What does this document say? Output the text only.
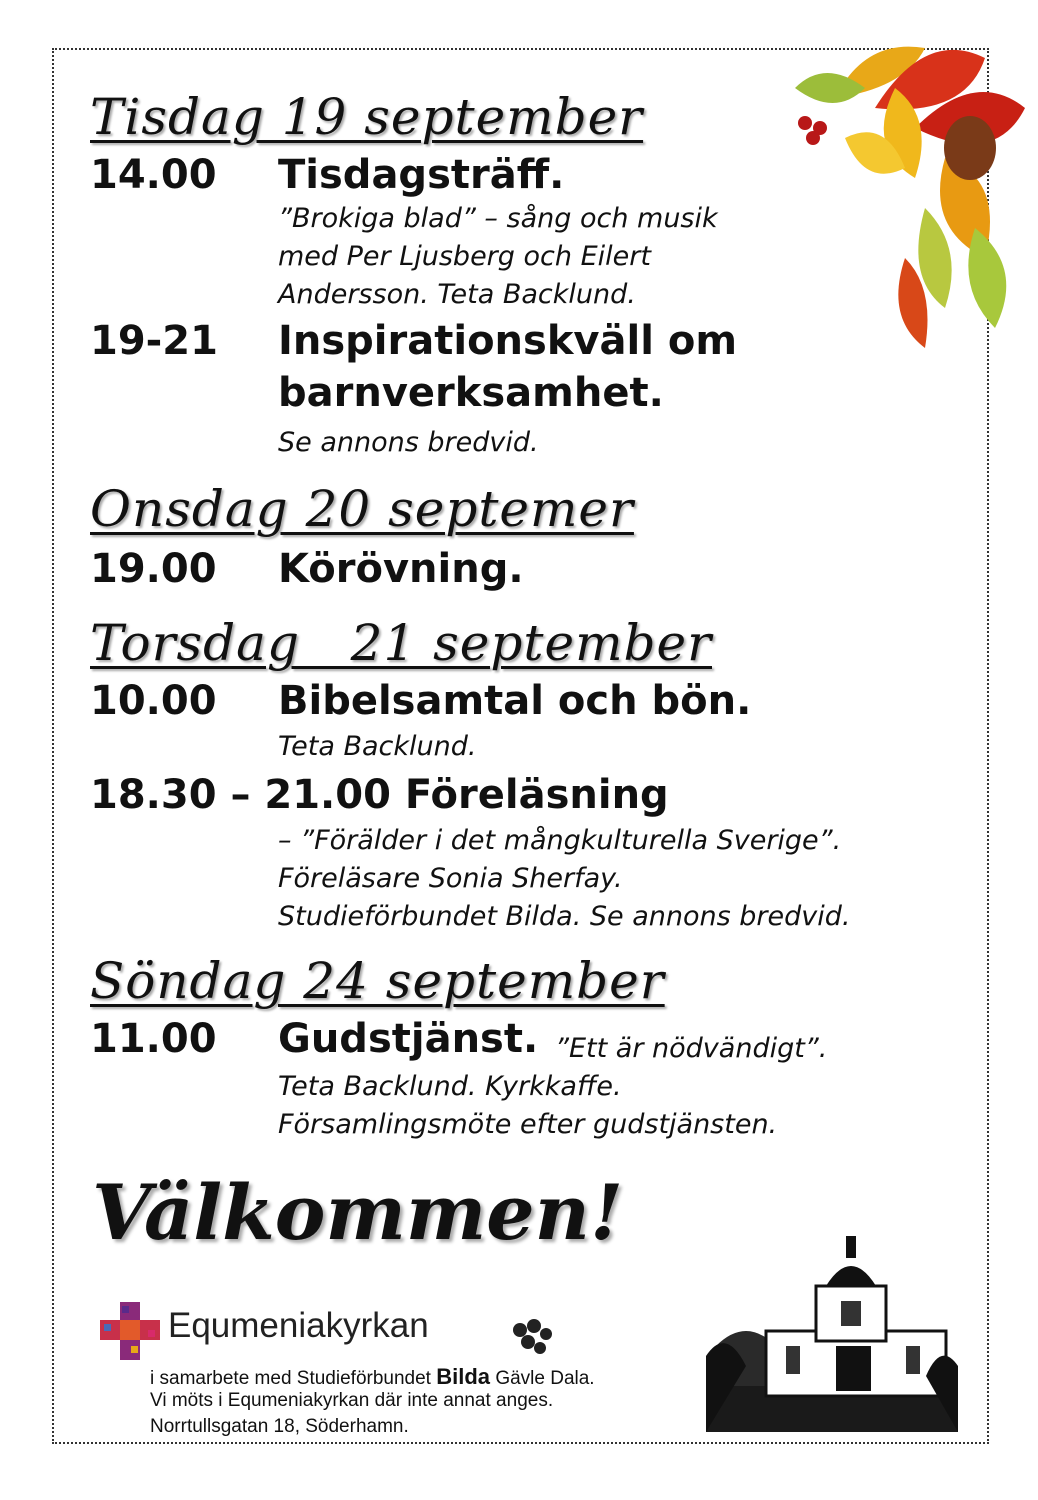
Tisdag 19 september
14.00 Tisdagsträff.
”Brokiga blad” – sång och musik
med Per Ljusberg och Eilert
Andersson. Teta Backlund.
19-21 Inspirationskväll om
barnverksamhet.
Se annons bredvid.
Onsdag 20 septemer
19.00 Körövning.
Torsdag   21 september
10.00 Bibelsamtal och bön.
Teta Backlund.
18.30 – 21.00 Föreläsning
– ”Förälder i det mångkulturella Sverige”.
Föreläsare Sonia Sherfay.
Studieförbundet Bilda. Se annons bredvid.
Söndag 24 september
11.00 Gudstjänst. ”Ett är nödvändigt”.
Teta Backlund. Kyrkkaffe.
Församlingsmöte efter gudstjänsten.
Välkommen!
Equmeniakyrkan
i samarbete med Studieförbundet Bilda Gävle Dala.
Vi möts i Equmeniakyrkan där inte annat anges.
Norrtullsgatan 18, Söderhamn.
